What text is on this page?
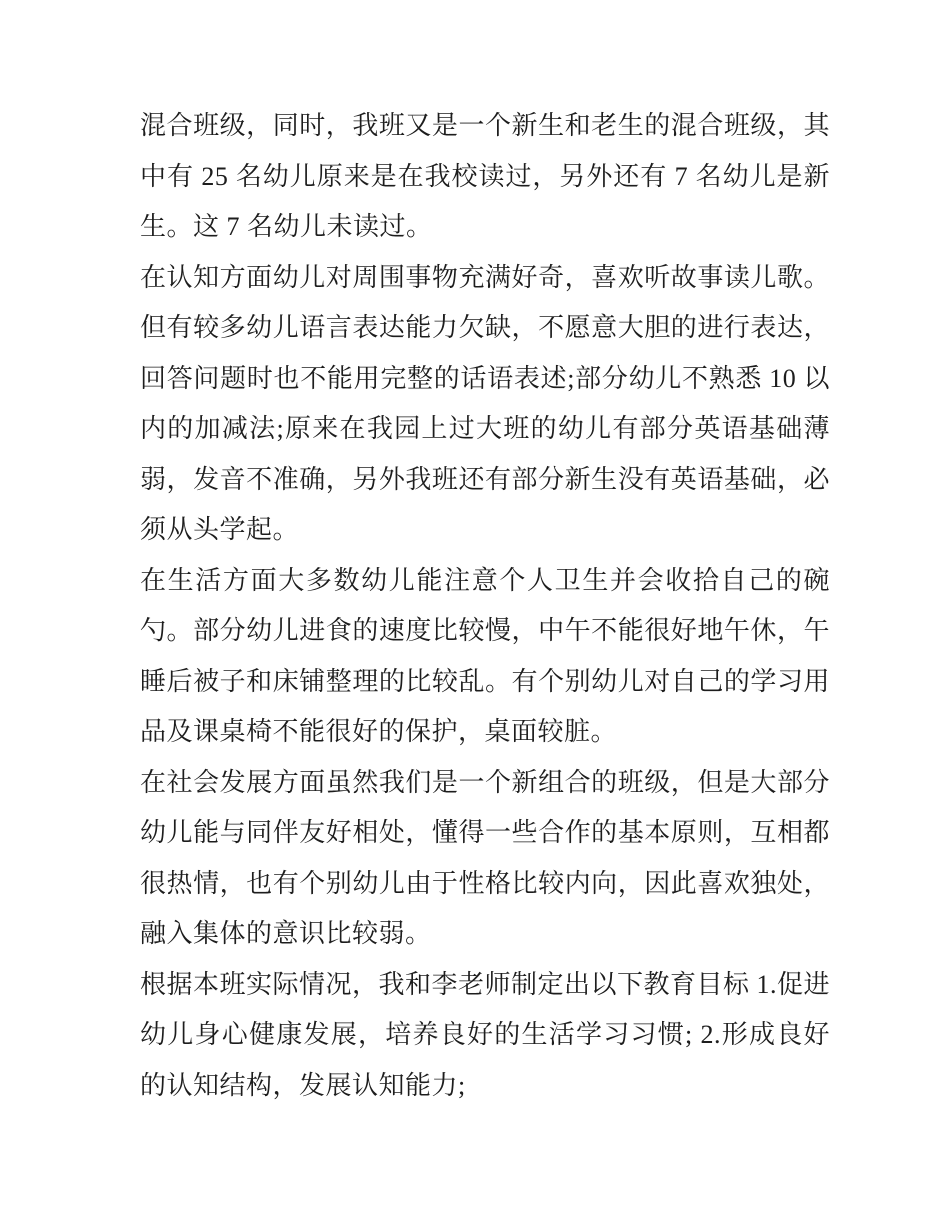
混合班级，同时，我班又是一个新生和老生的混合班级，其中有 25 名幼儿原来是在我校读过，另外还有 7 名幼儿是新生。这 7 名幼儿未读过。

在认知方面幼儿对周围事物充满好奇，喜欢听故事读儿歌。但有较多幼儿语言表达能力欠缺，不愿意大胆的进行表达，回答问题时也不能用完整的话语表述;部分幼儿不熟悉 10 以内的加减法;原来在我园上过大班的幼儿有部分英语基础薄弱，发音不准确，另外我班还有部分新生没有英语基础，必须从头学起。

在生活方面大多数幼儿能注意个人卫生并会收拾自己的碗勺。部分幼儿进食的速度比较慢，中午不能很好地午休，午睡后被子和床铺整理的比较乱。有个别幼儿对自己的学习用品及课桌椅不能很好的保护，桌面较脏。

在社会发展方面虽然我们是一个新组合的班级，但是大部分幼儿能与同伴友好相处，懂得一些合作的基本原则，互相都很热情，也有个别幼儿由于性格比较内向，因此喜欢独处，融入集体的意识比较弱。

根据本班实际情况，我和李老师制定出以下教育目标 1.促进幼儿身心健康发展，培养良好的生活学习习惯; 2.形成良好的认知结构，发展认知能力;
